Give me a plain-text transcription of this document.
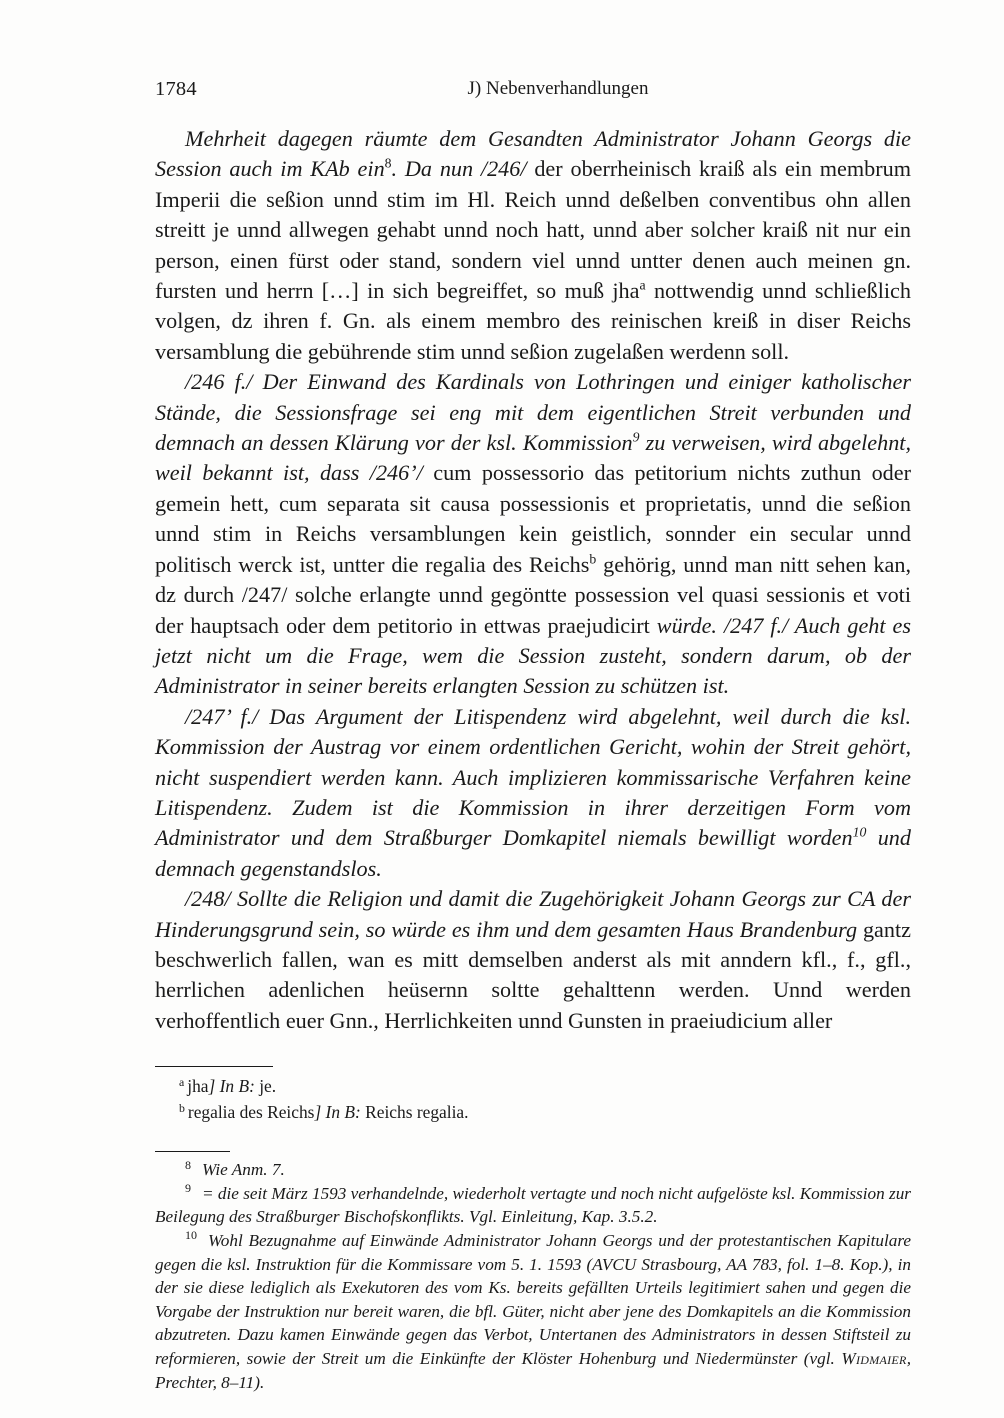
1784	J) Nebenverhandlungen

Mehrheit dagegen räumte dem Gesandten Administrator Johann Georgs die Session auch im KAb ein$^8$. Da nun /246/ der oberrheinisch kraiß als ein membrum Imperii die seßion unnd stim im Hl. Reich unnd deßelben conventibus ohn allen streitt je unnd allwegen gehabt unnd noch hatt, unnd aber solcher kraiß nit nur ein person, einen fürst oder stand, sondern viel unnd untter denen auch meinen gn. fursten und herrn […] in sich begreiffet, so muß jha$^a$ nottwendig unnd schließlich volgen, dz ihren f. Gn. als einem membro des reinischen kreiß in diser Reichs versamblung die gebührende stim unnd seßion zugelaßen werdenn soll.

/246 f./ Der Einwand des Kardinals von Lothringen und einiger katholischer Stände, die Sessionsfrage sei eng mit dem eigentlichen Streit verbunden und demnach an dessen Klärung vor der ksl. Kommission$^9$ zu verweisen, wird abgelehnt, weil bekannt ist, dass /246’/ cum possessorio das petitorium nichts zuthun oder gemein hett, cum separata sit causa possessionis et proprietatis, unnd die seßion unnd stim in Reichs versamblungen kein geistlich, sonnder ein secular unnd politisch werck ist, untter die regalia des Reichs$^b$ gehörig, unnd man nitt sehen kan, dz durch /247/ solche erlangte unnd gegöntte possession vel quasi sessionis et voti der hauptsach oder dem petitorio in ettwas praejudicirt würde. /247 f./ Auch geht es jetzt nicht um die Frage, wem die Session zusteht, sondern darum, ob der Administrator in seiner bereits erlangten Session zu schützen ist.

/247’ f./ Das Argument der Litispendenz wird abgelehnt, weil durch die ksl. Kommission der Austrag vor einem ordentlichen Gericht, wohin der Streit gehört, nicht suspendiert werden kann. Auch implizieren kommissarische Verfahren keine Litispendenz. Zudem ist die Kommission in ihrer derzeitigen Form vom Administrator und dem Straßburger Domkapitel niemals bewilligt worden$^{10}$ und demnach gegenstandslos.

/248/ Sollte die Religion und damit die Zugehörigkeit Johann Georgs zur CA der Hinderungsgrund sein, so würde es ihm und dem gesamten Haus Brandenburg gantz beschwerlich fallen, wan es mitt demselben anderst als mit anndern kfl., f., gfl., herrlichen adenlichen heüsernn soltte gehalttenn werden. Unnd werden verhoffentlich euer Gnn., Herrlichkeiten unnd Gunsten in praeiudicium aller

$^a$ jha] In B: je.
$^b$ regalia des Reichs] In B: Reichs regalia.
$^8$ Wie Anm. 7.
$^9$ = die seit März 1593 verhandelnde, wiederholt vertagte und noch nicht aufgelöste ksl. Kommission zur Beilegung des Straßburger Bischofskonflikts. Vgl. Einleitung, Kap. 3.5.2.
$^{10}$ Wohl Bezugnahme auf Einwände Administrator Johann Georgs und der protestantischen Kapitulare gegen die ksl. Instruktion für die Kommissare vom 5. 1. 1593 (AVCU Strasbourg, AA 783, fol. 1–8. Kop.), in der sie diese lediglich als Exekutoren des vom Ks. bereits gefällten Urteils legitimiert sahen und gegen die Vorgabe der Instruktion nur bereit waren, die bfl. Güter, nicht aber jene des Domkapitels an die Kommission abzutreten. Dazu kamen Einwände gegen das Verbot, Untertanen des Administrators in dessen Stiftsteil zu reformieren, sowie der Streit um die Einkünfte der Klöster Hohenburg und Niedermünster (vgl. Widmaier, Prechter, 8–11).
